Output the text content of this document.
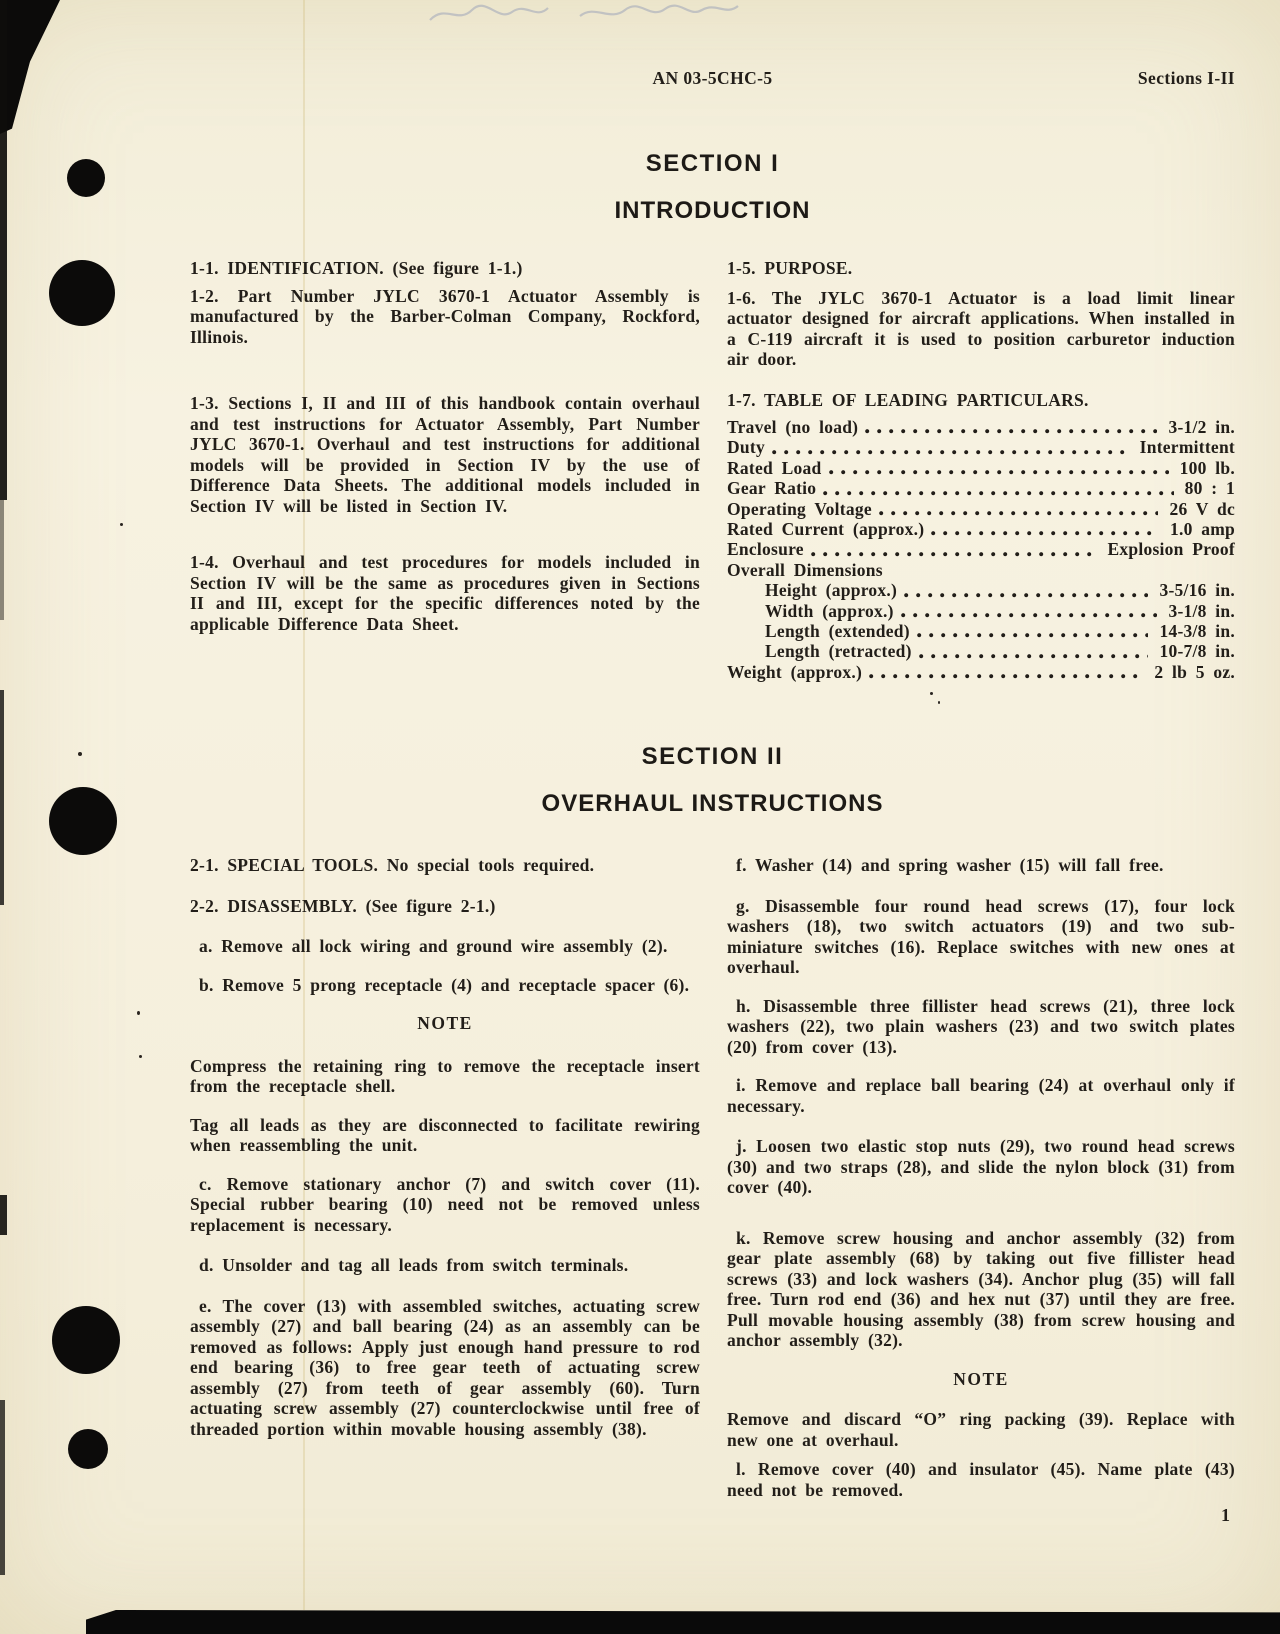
AN 03-5CHC-5	Sections I-II
SECTION I
INTRODUCTION

1-1. IDENTIFICATION. (See figure 1-1.)

1-2. Part Number JYLC 3670-1 Actuator Assembly is manufactured by the Barber-Colman Company, Rockford, Illinois.

1-3. Sections I, II and III of this handbook contain overhaul and test instructions for Actuator Assembly, Part Number JYLC 3670-1. Overhaul and test instructions for additional models will be provided in Section IV by the use of Difference Data Sheets. The additional models included in Section IV will be listed in Section IV.

1-4. Overhaul and test procedures for models included in Section IV will be the same as procedures given in Sections II and III, except for the specific differences noted by the applicable Difference Data Sheet.

1-5. PURPOSE.

1-6. The JYLC 3670-1 Actuator is a load limit linear actuator designed for aircraft applications. When installed in a C-119 aircraft it is used to position carburetor induction air door.

1-7. TABLE OF LEADING PARTICULARS.

Travel (no load)	3-1/2 in.
Duty	Intermittent
Rated Load	100 lb.
Gear Ratio	80 : 1
Operating Voltage	26 V dc
Rated Current (approx.)	1.0 amp
Enclosure	Explosion Proof
Overall Dimensions
Height (approx.)	3-5/16 in.
Width (approx.)	3-1/8 in.
Length (extended)	14-3/8 in.
Length (retracted)	10-7/8 in.
Weight (approx.)	2 lb 5 oz.
SECTION II
OVERHAUL INSTRUCTIONS

2-1. SPECIAL TOOLS. No special tools required.

2-2. DISASSEMBLY. (See figure 2-1.)

a. Remove all lock wiring and ground wire assembly (2).

b. Remove 5 prong receptacle (4) and receptacle spacer (6).

NOTE

Compress the retaining ring to remove the receptacle insert from the receptacle shell.

Tag all leads as they are disconnected to facilitate rewiring when reassembling the unit.

c. Remove stationary anchor (7) and switch cover (11). Special rubber bearing (10) need not be removed unless replacement is necessary.

d. Unsolder and tag all leads from switch terminals.

e. The cover (13) with assembled switches, actuating screw assembly (27) and ball bearing (24) as an assembly can be removed as follows: Apply just enough hand pressure to rod end bearing (36) to free gear teeth of actuating screw assembly (27) from teeth of gear assembly (60). Turn actuating screw assembly (27) counterclockwise until free of threaded portion within movable housing assembly (38).

f. Washer (14) and spring washer (15) will fall free.

g. Disassemble four round head screws (17), four lock washers (18), two switch actuators (19) and two sub-miniature switches (16). Replace switches with new ones at overhaul.

h. Disassemble three fillister head screws (21), three lock washers (22), two plain washers (23) and two switch plates (20) from cover (13).

i. Remove and replace ball bearing (24) at overhaul only if necessary.

j. Loosen two elastic stop nuts (29), two round head screws (30) and two straps (28), and slide the nylon block (31) from cover (40).

k. Remove screw housing and anchor assembly (32) from gear plate assembly (68) by taking out five fillister head screws (33) and lock washers (34). Anchor plug (35) will fall free. Turn rod end (36) and hex nut (37) until they are free. Pull movable housing assembly (38) from screw housing and anchor assembly (32).

NOTE

Remove and discard “O” ring packing (39). Replace with new one at overhaul.

l. Remove cover (40) and insulator (45). Name plate (43) need not be removed.

1
